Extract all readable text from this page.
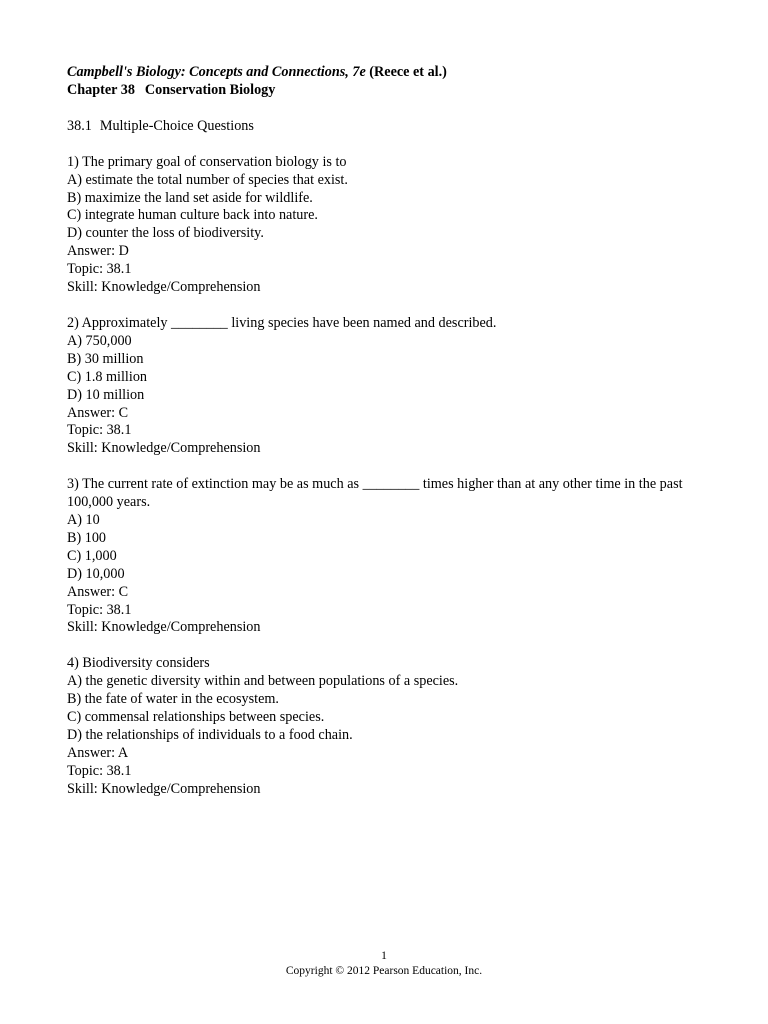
Campbell's Biology: Concepts and Connections, 7e (Reece et al.)
Chapter 38 Conservation Biology
38.1 Multiple-Choice Questions
1) The primary goal of conservation biology is to
A) estimate the total number of species that exist.
B) maximize the land set aside for wildlife.
C) integrate human culture back into nature.
D) counter the loss of biodiversity.
Answer: D
Topic: 38.1
Skill: Knowledge/Comprehension
2) Approximately ________ living species have been named and described.
A) 750,000
B) 30 million
C) 1.8 million
D) 10 million
Answer: C
Topic: 38.1
Skill: Knowledge/Comprehension
3) The current rate of extinction may be as much as ________ times higher than at any other time in the past 100,000 years.
A) 10
B) 100
C) 1,000
D) 10,000
Answer: C
Topic: 38.1
Skill: Knowledge/Comprehension
4) Biodiversity considers
A) the genetic diversity within and between populations of a species.
B) the fate of water in the ecosystem.
C) commensal relationships between species.
D) the relationships of individuals to a food chain.
Answer: A
Topic: 38.1
Skill: Knowledge/Comprehension
1
Copyright © 2012 Pearson Education, Inc.
